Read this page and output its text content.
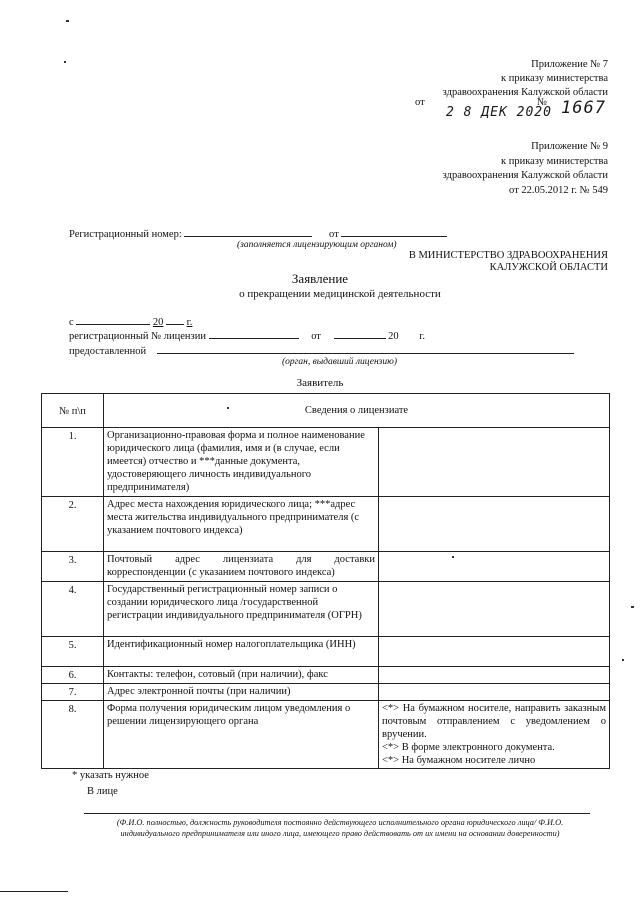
Приложение № 7
к приказу министерства
здравоохранения Калужской области
от
2 8 ДЕК 2020
№ 1667
Приложение № 9
к приказу министерства
здравоохранения Калужской области
от 22.05.2012 г. № 549
Регистрационный номер:	от
(заполняется лицензирующим органом)
В МИНИСТЕРСТВО ЗДРАВООХРАНЕНИЯ
КАЛУЖСКОЙ ОБЛАСТИ
Заявление
о прекращении медицинской деятельности
с	20 г.
регистрационный № лицензии	от	20 г.
предоставленной
(орган, выдавший лицензию)
Заявитель
№ п\п	Сведения о лицензиате	
1.	Организационно-правовая форма и полное наименование юридического лица (фамилия, имя и (в случае, если имеется) отчество и ***данные документа, удостоверяющего личность индивидуального предпринимателя)	
2.	Адрес места нахождения юридического лица; ***адрес места жительства индивидуального предпринимателя (с указанием почтового индекса)	
3.	Почтовый адрес лицензиата для доставки корреспонденции (с указанием почтового индекса)	
4.	Государственный регистрационный номер записи о создании юридического лица /государственной регистрации индивидуального предпринимателя (ОГРН)	
5.	Идентификационный номер налогоплательщика (ИНН)	
6.	Контакты: телефон, сотовый (при наличии), факс	
7.	Адрес электронной почты (при наличии)	
8.	Форма получения юридическим лицом уведомления о решении лицензирующего органа	<*> На бумажном носителе, направить заказным почтовым отправлением с уведомлением о вручении.
<*> В форме электронного документа.
<*> На бумажном носителе лично
* указать нужное
В лице
(Ф.И.О. полностью, должность руководителя постоянно действующего исполнительного органа юридического лица/ Ф.И.О.
индивидуального предпринимателя или иного лица, имеющего право действовать от их имени на основании доверенности)
